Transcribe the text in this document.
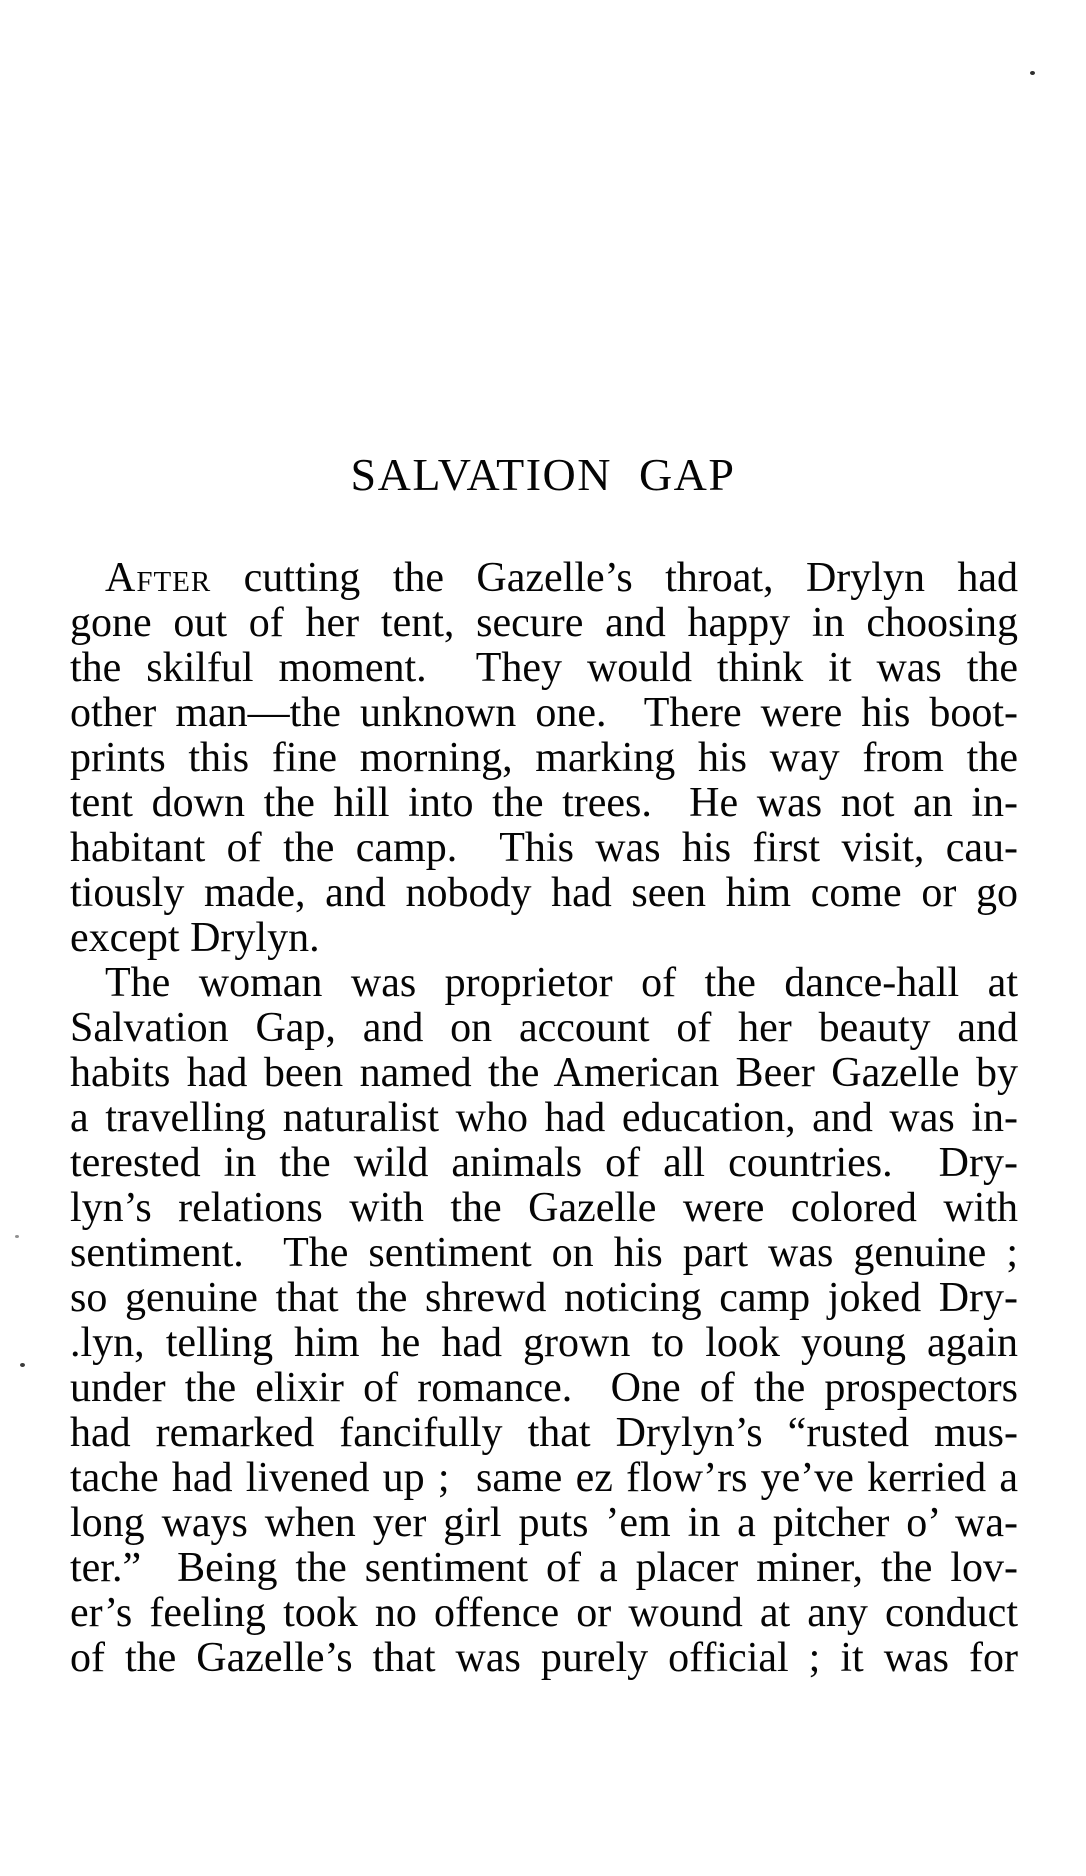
SALVATION GAP
After cutting the Gazelle’s throat, Drylyn had
gone out of her tent, secure and happy in choosing
the skilful moment.  They would think it was the
other man—the unknown one.  There were his boot-
prints this fine morning, marking his way from the
tent down the hill into the trees.  He was not an in-
habitant of the camp.  This was his first visit, cau-
tiously made, and nobody had seen him come or go
except Drylyn.
The woman was proprietor of the dance-hall at
Salvation Gap, and on account of her beauty and
habits had been named the American Beer Gazelle by
a travelling naturalist who had education, and was in-
terested in the wild animals of all countries.  Dry-
lyn’s relations with the Gazelle were colored with
sentiment.  The sentiment on his part was genuine ;
so genuine that the shrewd noticing camp joked Dry-
.lyn, telling him he had grown to look young again
under the elixir of romance.  One of the prospectors
had remarked fancifully that Drylyn’s “rusted mus-
tache had livened up ;  same ez flow’rs ye’ve kerried a
long ways when yer girl puts ’em in a pitcher o’ wa-
ter.”  Being the sentiment of a placer miner, the lov-
er’s feeling took no offence or wound at any conduct
of the Gazelle’s that was purely official ; it was for
